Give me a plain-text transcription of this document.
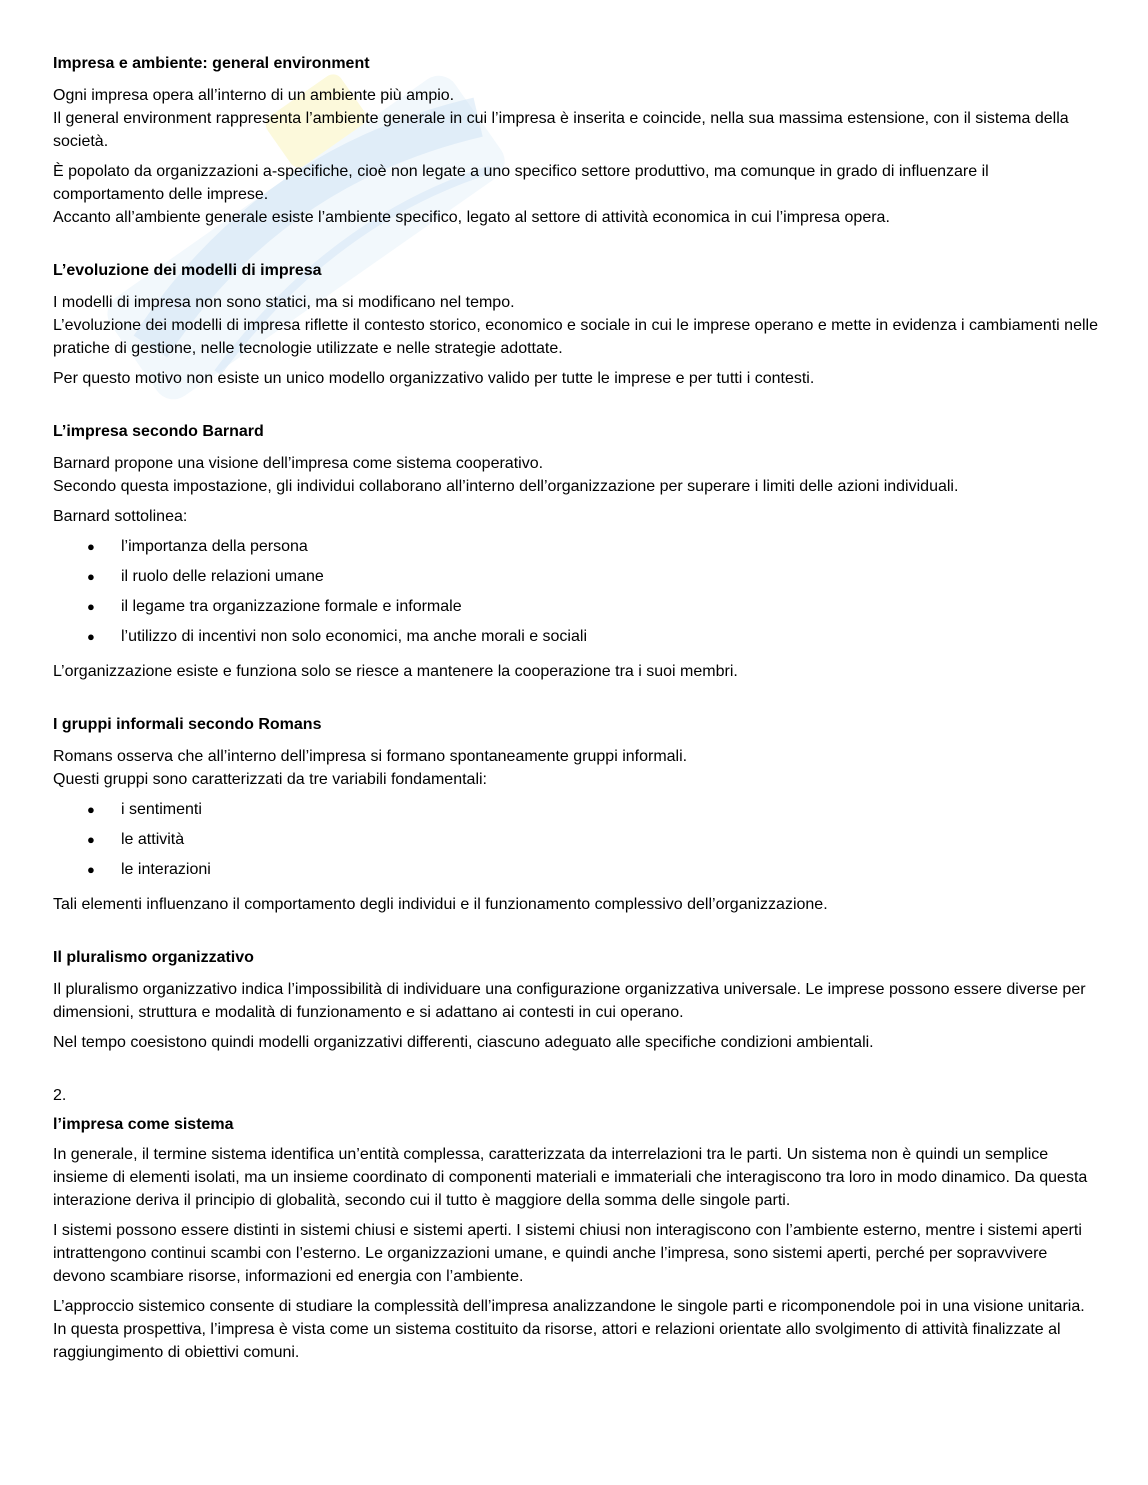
Impresa e ambiente: general environment

Ogni impresa opera all’interno di un ambiente più ampio.
Il general environment rappresenta l’ambiente generale in cui l’impresa è inserita e coincide, nella sua massima estensione, con il sistema della società.

È popolato da organizzazioni a-specifiche, cioè non legate a uno specifico settore produttivo, ma comunque in grado di influenzare il comportamento delle imprese.
Accanto all’ambiente generale esiste l’ambiente specifico, legato al settore di attività economica in cui l’impresa opera.

L’evoluzione dei modelli di impresa

I modelli di impresa non sono statici, ma si modificano nel tempo.
L’evoluzione dei modelli di impresa riflette il contesto storico, economico e sociale in cui le imprese operano e mette in evidenza i cambiamenti nelle pratiche di gestione, nelle tecnologie utilizzate e nelle strategie adottate.

Per questo motivo non esiste un unico modello organizzativo valido per tutte le imprese e per tutti i contesti.

L’impresa secondo Barnard

Barnard propone una visione dell’impresa come sistema cooperativo.
Secondo questa impostazione, gli individui collaborano all’interno dell’organizzazione per superare i limiti delle azioni individuali.

Barnard sottolinea:

● l’importanza della persona
● il ruolo delle relazioni umane
● il legame tra organizzazione formale e informale
● l’utilizzo di incentivi non solo economici, ma anche morali e sociali

L’organizzazione esiste e funziona solo se riesce a mantenere la cooperazione tra i suoi membri.

I gruppi informali secondo Romans

Romans osserva che all’interno dell’impresa si formano spontaneamente gruppi informali.
Questi gruppi sono caratterizzati da tre variabili fondamentali:

● i sentimenti
● le attività
● le interazioni

Tali elementi influenzano il comportamento degli individui e il funzionamento complessivo dell’organizzazione.

Il pluralismo organizzativo

Il pluralismo organizzativo indica l’impossibilità di individuare una configurazione organizzativa universale. Le imprese possono essere diverse per dimensioni, struttura e modalità di funzionamento e si adattano ai contesti in cui operano.

Nel tempo coesistono quindi modelli organizzativi differenti, ciascuno adeguato alle specifiche condizioni ambientali.

2.

l’impresa come sistema

In generale, il termine sistema identifica un’entità complessa, caratterizzata da interrelazioni tra le parti. Un sistema non è quindi un semplice insieme di elementi isolati, ma un insieme coordinato di componenti materiali e immateriali che interagiscono tra loro in modo dinamico. Da questa interazione deriva il principio di globalità, secondo cui il tutto è maggiore della somma delle singole parti.

I sistemi possono essere distinti in sistemi chiusi e sistemi aperti. I sistemi chiusi non interagiscono con l’ambiente esterno, mentre i sistemi aperti intrattengono continui scambi con l’esterno. Le organizzazioni umane, e quindi anche l’impresa, sono sistemi aperti, perché per sopravvivere devono scambiare risorse, informazioni ed energia con l’ambiente.

L’approccio sistemico consente di studiare la complessità dell’impresa analizzandone le singole parti e ricomponendole poi in una visione unitaria. In questa prospettiva, l’impresa è vista come un sistema costituito da risorse, attori e relazioni orientate allo svolgimento di attività finalizzate al raggiungimento di obiettivi comuni.
